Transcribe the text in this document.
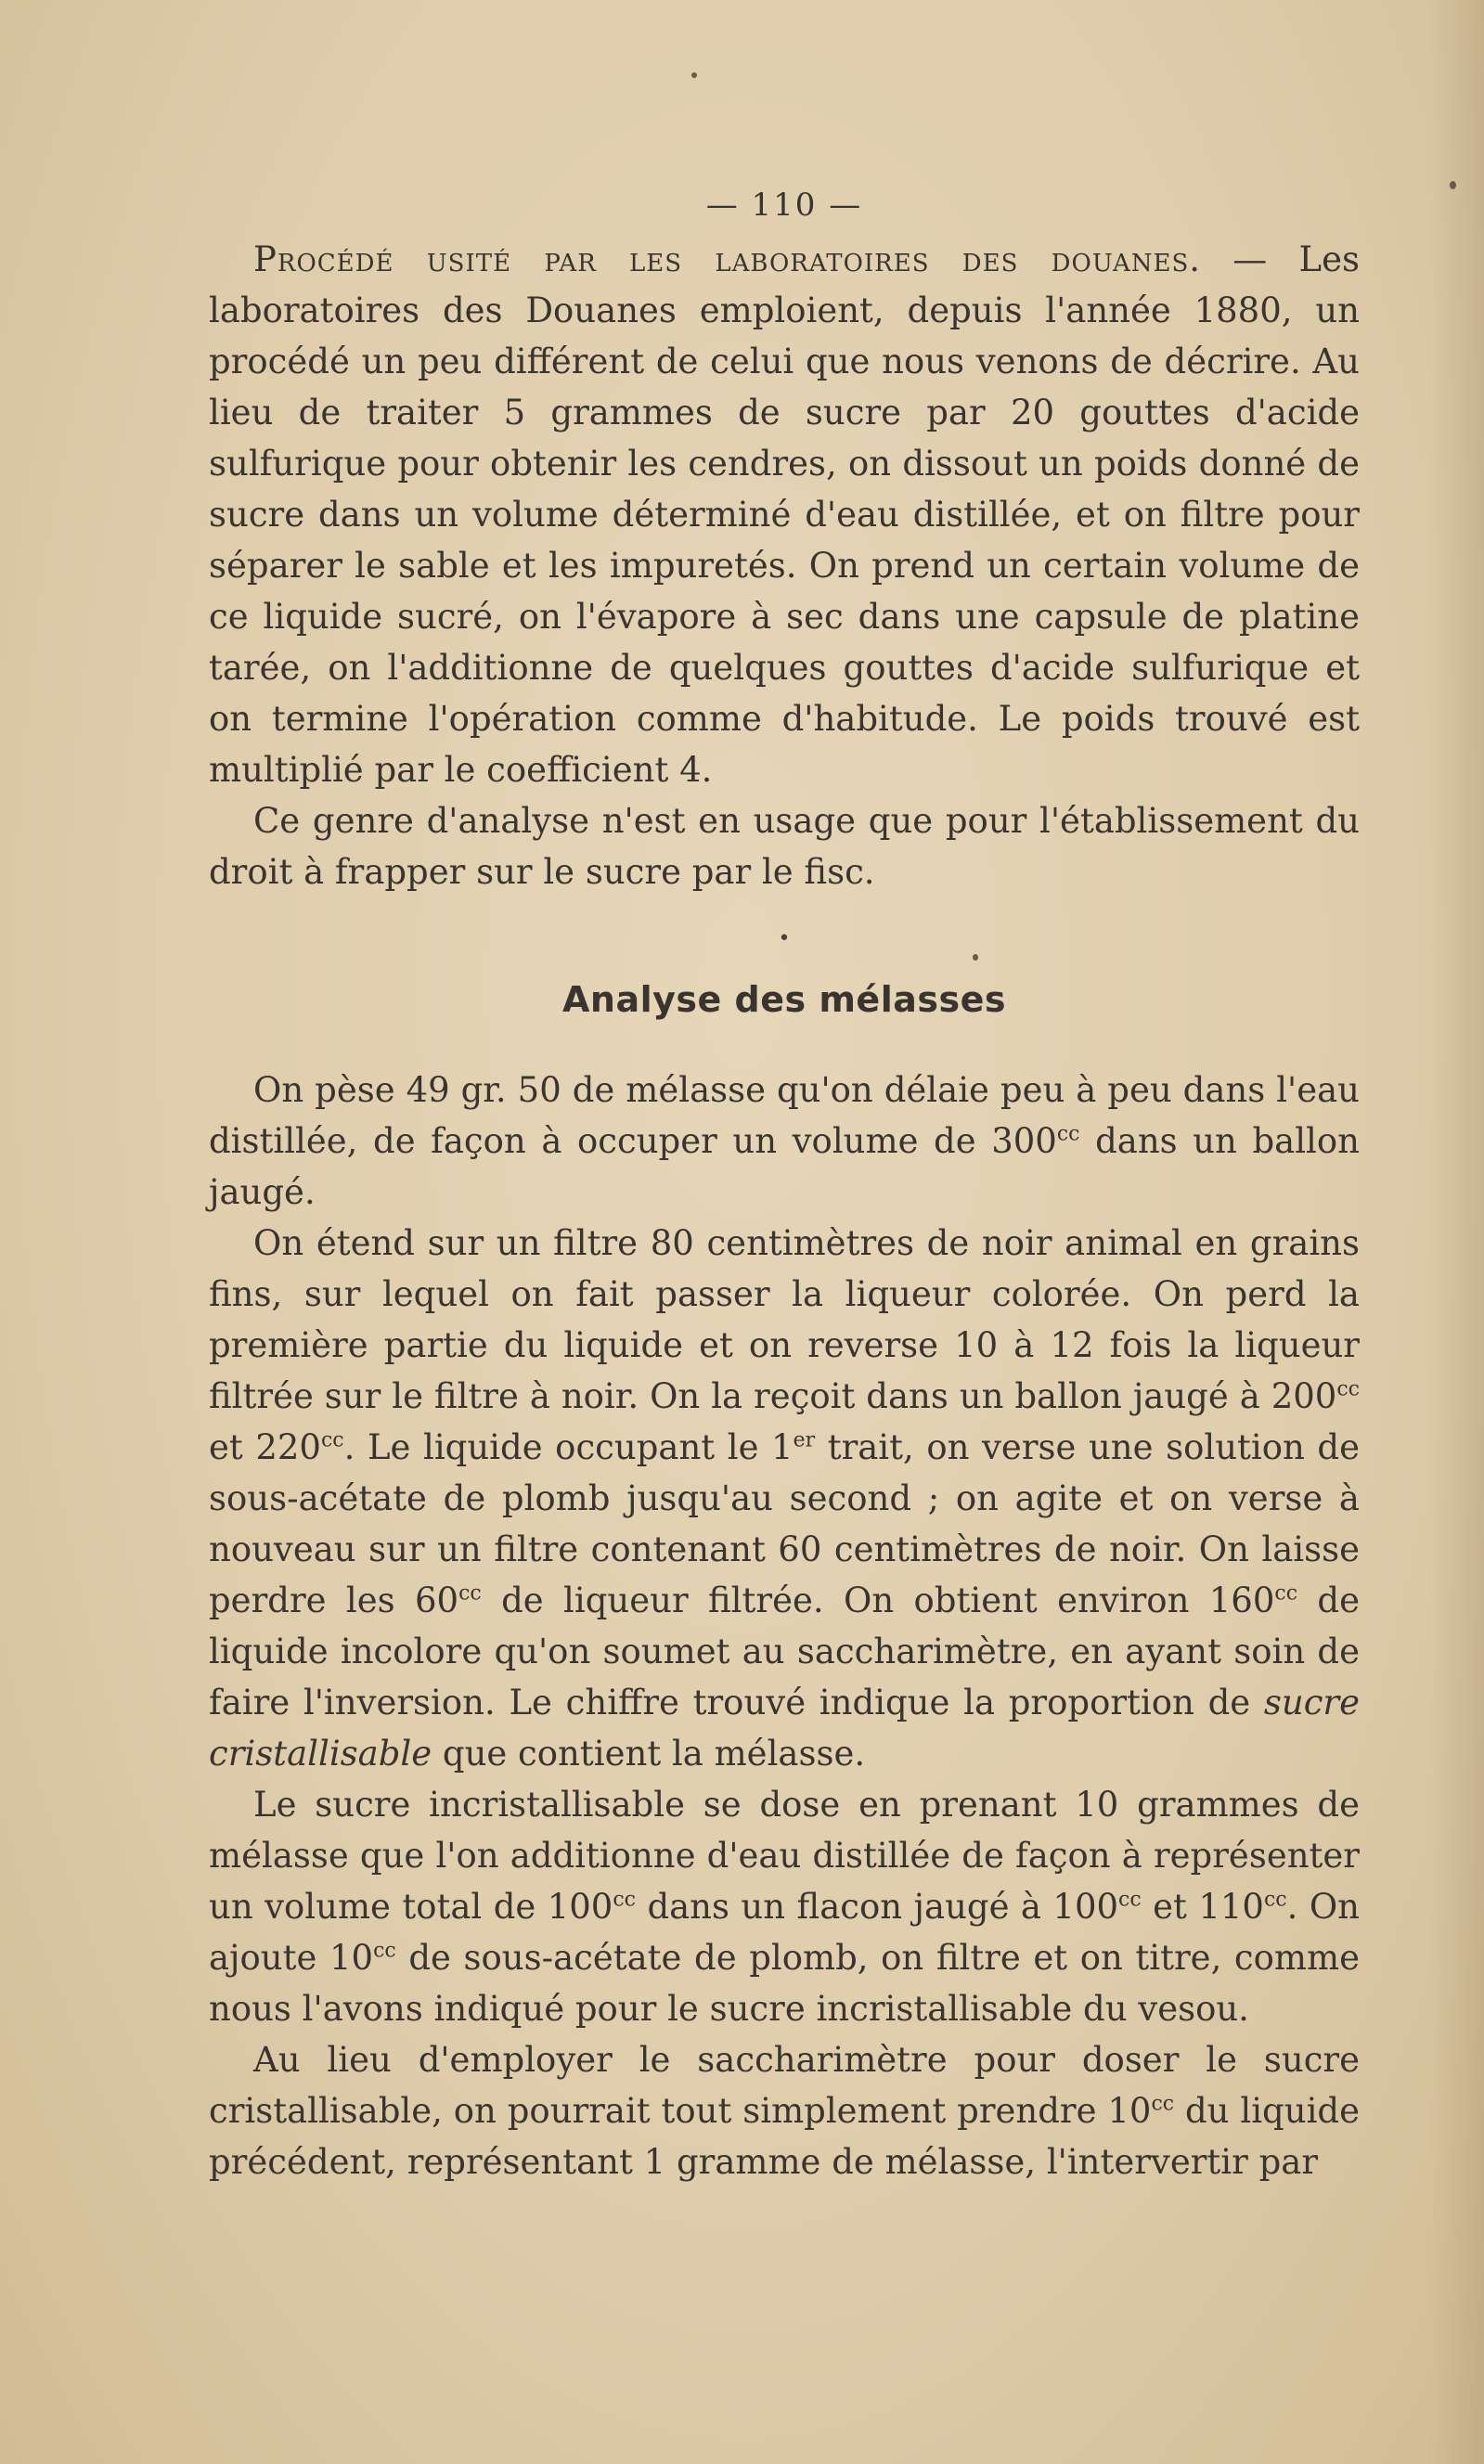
— 110 —

Procédé usité par les laboratoires des douanes. — Les laboratoires des Douanes emploient, depuis l'année 1880, un procédé un peu différent de celui que nous venons de décrire. Au lieu de traiter 5 grammes de sucre par 20 gouttes d'acide sulfurique pour obtenir les cendres, on dissout un poids donné de sucre dans un volume déterminé d'eau distillée, et on filtre pour séparer le sable et les impuretés. On prend un certain volume de ce liquide sucré, on l'évapore à sec dans une capsule de platine tarée, on l'additionne de quelques gouttes d'acide sulfurique et on termine l'opération comme d'habitude. Le poids trouvé est multiplié par le coefficient 4.

Ce genre d'analyse n'est en usage que pour l'établissement du droit à frapper sur le sucre par le fisc.

•
Analyse des mélasses

On pèse 49 gr. 50 de mélasse qu'on délaie peu à peu dans l'eau distillée, de façon à occuper un volume de $300^{cc}$ dans un ballon jaugé.

On étend sur un filtre 80 centimètres de noir animal en grains fins, sur lequel on fait passer la liqueur colorée. On perd la première partie du liquide et on reverse 10 à 12 fois la liqueur filtrée sur le filtre à noir. On la reçoit dans un ballon jaugé à $200^{cc}$ et $220^{cc}$. Le liquide occupant le 1er trait, on verse une solution de sous-acétate de plomb jusqu'au second ; on agite et on verse à nouveau sur un filtre contenant 60 centimètres de noir. On laisse perdre les $60^{cc}$ de liqueur filtrée. On obtient environ $160^{cc}$ de liquide incolore qu'on soumet au saccharimètre, en ayant soin de faire l'inversion. Le chiffre trouvé indique la proportion de sucre cristallisable que contient la mélasse.

Le sucre incristallisable se dose en prenant 10 grammes de mélasse que l'on additionne d'eau distillée de façon à représenter un volume total de $100^{cc}$ dans un flacon jaugé à $100^{cc}$ et $110^{cc}$. On ajoute $10^{cc}$ de sous-acétate de plomb, on filtre et on titre, comme nous l'avons indiqué pour le sucre incristallisable du vesou.

Au lieu d'employer le saccharimètre pour doser le sucre cristallisable, on pourrait tout simplement prendre $10^{cc}$ du liquide précédent, représentant 1 gramme de mélasse, l'intervertir par
